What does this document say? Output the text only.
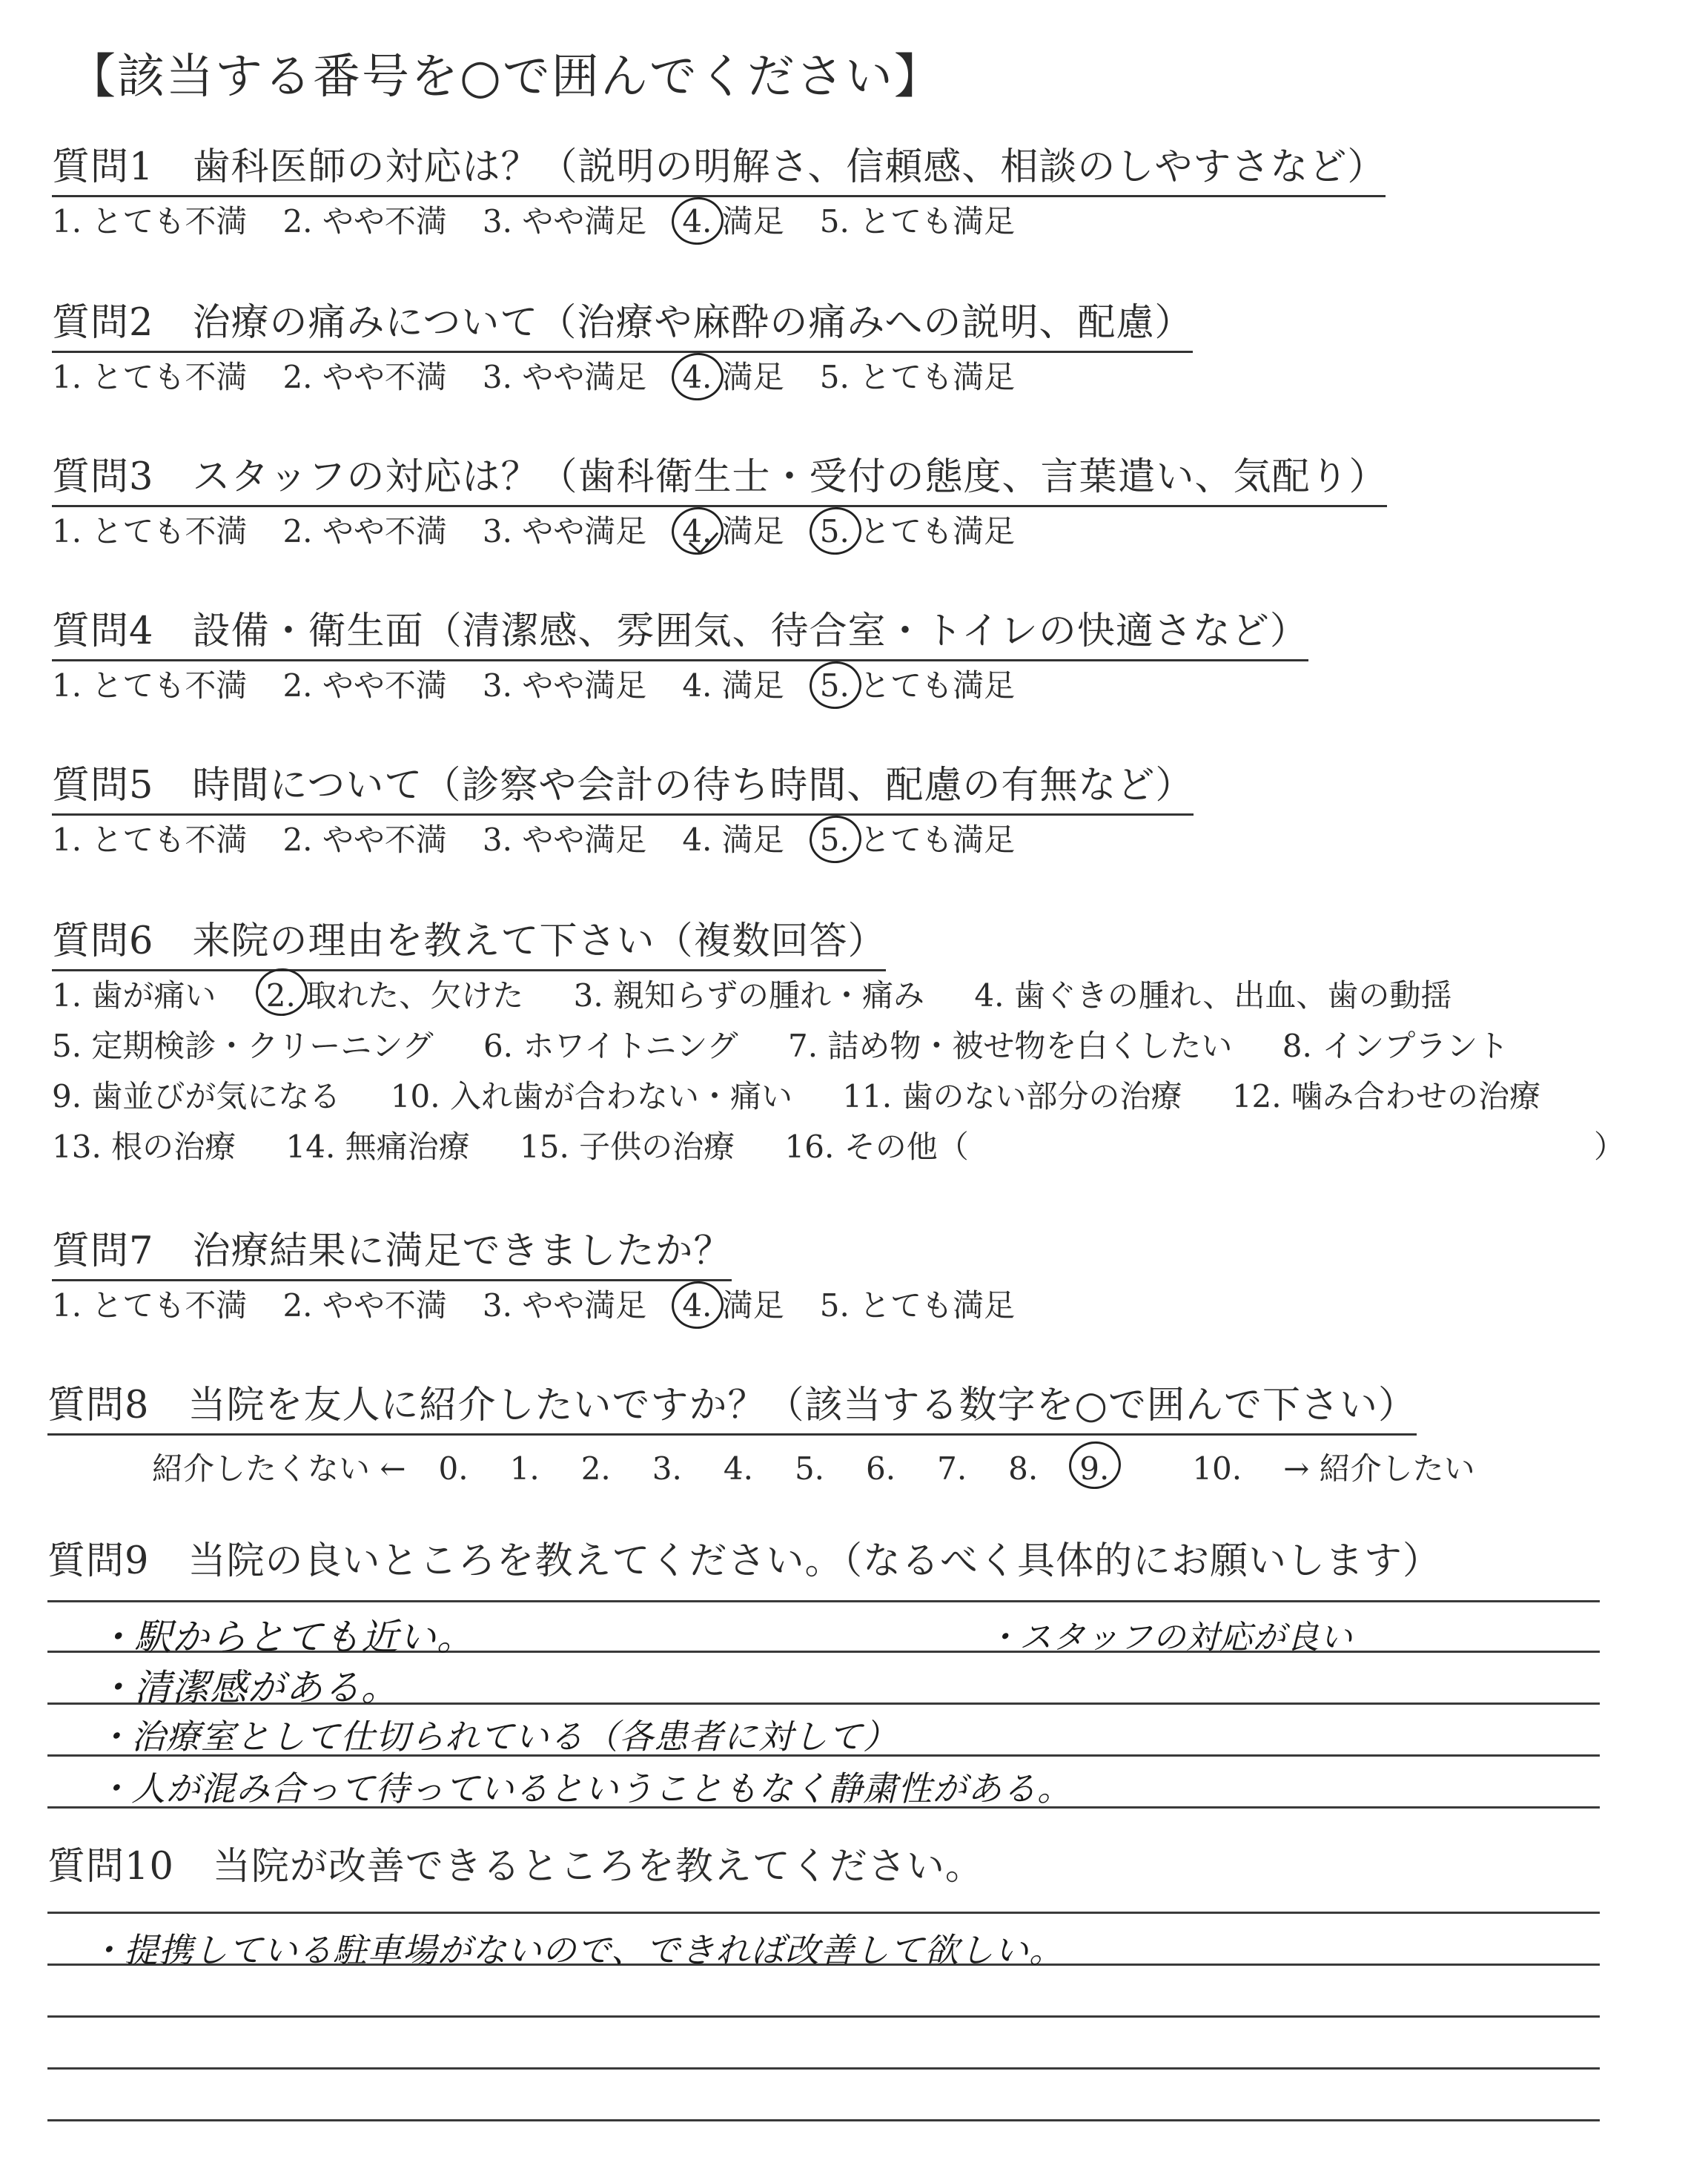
【該当する番号を○で囲んでください】
質問1　歯科医師の対応は？（説明の明解さ、信頼感、相談のしやすさなど）
1. とても不満 2. やや不満 3. やや満足 4. 満足 5. とても満足
質問2　治療の痛みについて（治療や麻酔の痛みへの説明、配慮）
1. とても不満 2. やや不満 3. やや満足 4. 満足 5. とても満足
質問3　スタッフの対応は？（歯科衛生士・受付の態度、言葉遣い、気配り）
1. とても不満 2. やや不満 3. やや満足 4. 満足 5. とても満足
質問4　設備・衛生面（清潔感、雰囲気、待合室・トイレの快適さなど）
1. とても不満 2. やや不満 3. やや満足 4. 満足 5. とても満足
質問5　時間について（診察や会計の待ち時間、配慮の有無など）
1. とても不満 2. やや不満 3. やや満足 4. 満足 5. とても満足
質問6　来院の理由を教えて下さい（複数回答）
1. 歯が痛い 2. 取れた、欠けた 3. 親知らずの腫れ・痛み 4. 歯ぐきの腫れ、出血、歯の動揺
5. 定期検診・クリーニング 6. ホワイトニング 7. 詰め物・被せ物を白くしたい 8. インプラント
9. 歯並びが気になる 10. 入れ歯が合わない・痛い 11. 歯のない部分の治療 12. 噛み合わせの治療
13. 根の治療 14. 無痛治療 15. 子供の治療 16. その他（	）
質問7　治療結果に満足できましたか？
1. とても不満 2. やや不満 3. やや満足 4. 満足 5. とても満足
質問8　当院を友人に紹介したいですか？（該当する数字を○で囲んで下さい）
紹介したくない ← 0. 1. 2. 3. 4. 5. 6. 7. 8. 9.	10. → 紹介したい
質問9　当院の良いところを教えてください。（なるべく具体的にお願いします）
・駅からとても近い。	・スタッフの対応が良い
・清潔感がある。
・治療室として仕切られている（各患者に対して）
・人が混み合って待っているということもなく静粛性がある。
質問10　当院が改善できるところを教えてください。
・提携している駐車場がないので、できれば改善して欲しい。
